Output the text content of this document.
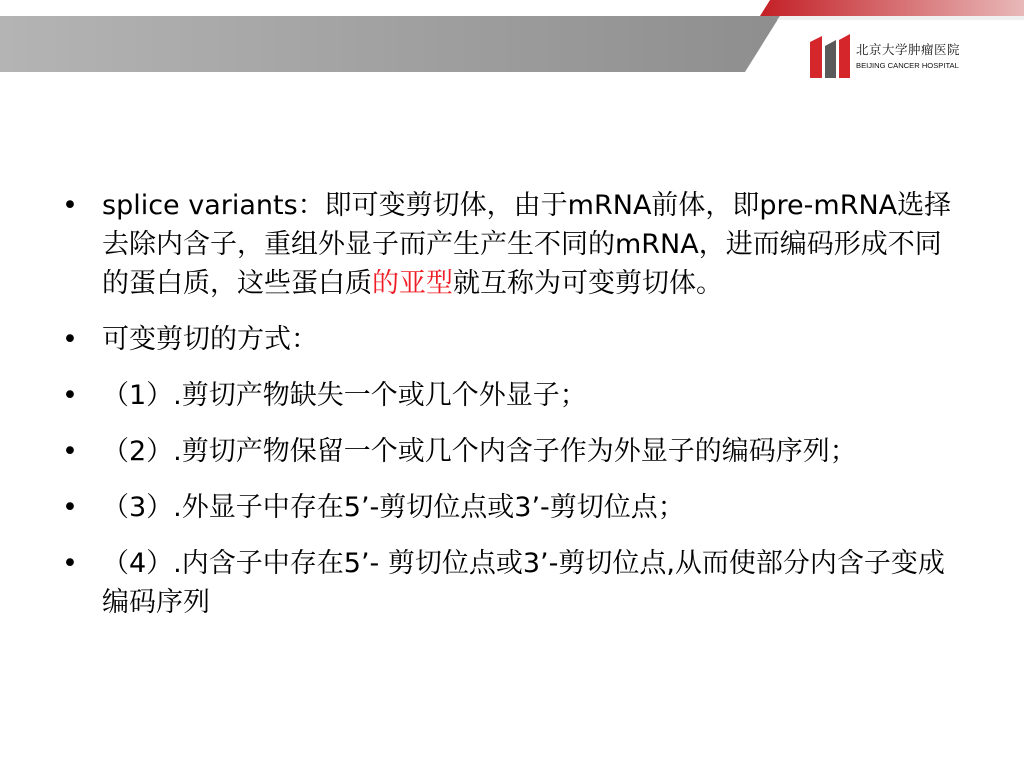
北京大学肿瘤医院
BEIJING CANCER HOSPITAL
• splice variants：即可变剪切体，由于mRNA前体，即pre-mRNA选择去除内含子，重组外显子而产生产生不同的mRNA，进而编码形成不同的蛋白质，这些蛋白质的亚型就互称为可变剪切体。
• 可变剪切的方式：
• （1）.剪切产物缺失一个或几个外显子；
• （2）.剪切产物保留一个或几个内含子作为外显子的编码序列；
• （3）.外显子中存在5’-剪切位点或3’-剪切位点；
• （4）.内含子中存在5’- 剪切位点或3’-剪切位点,从而使部分内含子变成编码序列
